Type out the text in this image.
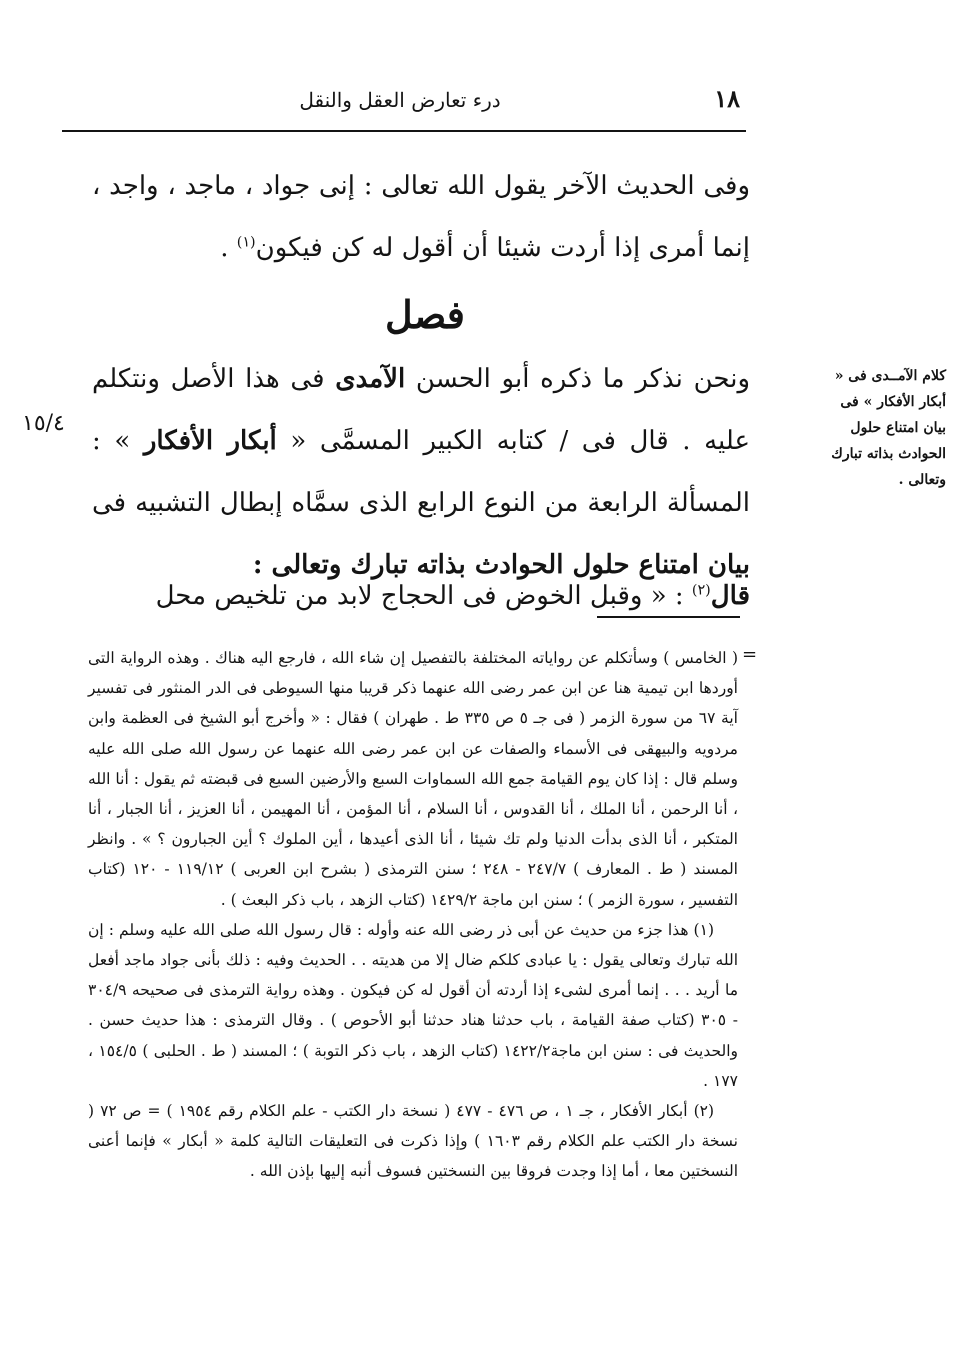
١٨
درء تعارض العقل والنقل
وفى الحديث الآخر يقول الله تعالى : إنى جواد ، ماجد ، واجد ، إنما أمرى إذا أردت شيئا أن أقول له كن فيكون$^{(١)}$ .
فصل
كلام الآمــدى فى « أبكار الأفكار » فى بيان امتناع حلول الحوادث بذاته تبارك وتعالى .
١٥/٤
ونحن نذكر ما ذكره أبو الحسن الآمدى فى هذا الأصل ونتكلم عليه . قال فى / كتابه الكبير المسمَّى « أبكار الأفكار » : المسألة الرابعة من النوع الرابع الذى سمَّاه إبطال التشبيه فى بيان امتناع حلول الحوادث بذاته تبارك وتعالى :
قال$^{(٢)}$ : « وقبل الخوض فى الحجاج لابد من تلخيص محل
=

( الخامس ) وسأتكلم عن رواياته المختلفة بالتفصيل إن شاء الله ، فارجع اليه هناك . وهذه الرواية التى أوردها ابن تيمية هنا عن ابن عمر رضى الله عنهما ذكر قريبا منها السيوطى فى الدر المنثور فى تفسير آية ٦٧ من سورة الزمر ( فى جـ ٥ ص ٣٣٥ ط . طهران ) فقال : « وأخرج أبو الشيخ فى العظمة وابن مردويه والبيهقى فى الأسماء والصفات عن ابن عمر رضى الله عنهما عن رسول الله صلى الله عليه وسلم قال : إذا كان يوم القيامة جمع الله السماوات السبع والأرضين السبع فى قبضته ثم يقول : أنا الله ، أنا الرحمن ، أنا الملك ، أنا القدوس ، أنا السلام ، أنا المؤمن ، أنا المهيمن ، أنا العزيز ، أنا الجبار ، أنا المتكبر ، أنا الذى بدأت الدنيا ولم تك شيئا ، أنا الذى أعيدها ، أين الملوك ؟ أين الجبارون ؟ » . وانظر المسند ( ط . المعارف ) ٢٤٧/٧ - ٢٤٨ ؛ سنن الترمذى ( بشرح ابن العربى ) ١١٩/١٢ - ١٢٠ (كتاب التفسير ، سورة الزمر ) ؛ سنن ابن ماجة ١٤٢٩/٢ (كتاب الزهد ، باب ذكر البعث ) .

(١) هذا جزء من حديث عن أبى ذر رضى الله عنه وأوله : قال رسول الله صلى الله عليه وسلم : إن الله تبارك وتعالى يقول : يا عبادى كلكم ضال إلا من هديته . . الحديث وفيه : ذلك بأنى جواد ماجد أفعل ما أريد . . . إنما أمرى لشىء إذا أردته أن أقول له كن فيكون . وهذه رواية الترمذى فى صحيحه ٣٠٤/٩ - ٣٠٥ (كتاب صفة القيامة ، باب حدثنا هناد حدثنا أبو الأحوص ) . وقال الترمذى : هذا حديث حسن . والحديث فى : سنن ابن ماجة١٤٢٢/٢ (كتاب الزهد ، باب ذكر التوبة ) ؛ المسند ( ط . الحلبى ) ١٥٤/٥ ، ١٧٧ .

(٢) أبكار الأفكار ، جـ ١ ، ص ٤٧٦ - ٤٧٧ ( نسخة دار الكتب - علم الكلام رقم ١٩٥٤ ) = ص ٧٢ ( نسخة دار الكتب علم الكلام رقم ١٦٠٣ ) وإذا ذكرت فى التعليقات التالية كلمة « أبكار » فإنما أعنى النسختين معا ، أما إذا وجدت فروقا بين النسختين فسوف أنبه إليها بإذن الله .
